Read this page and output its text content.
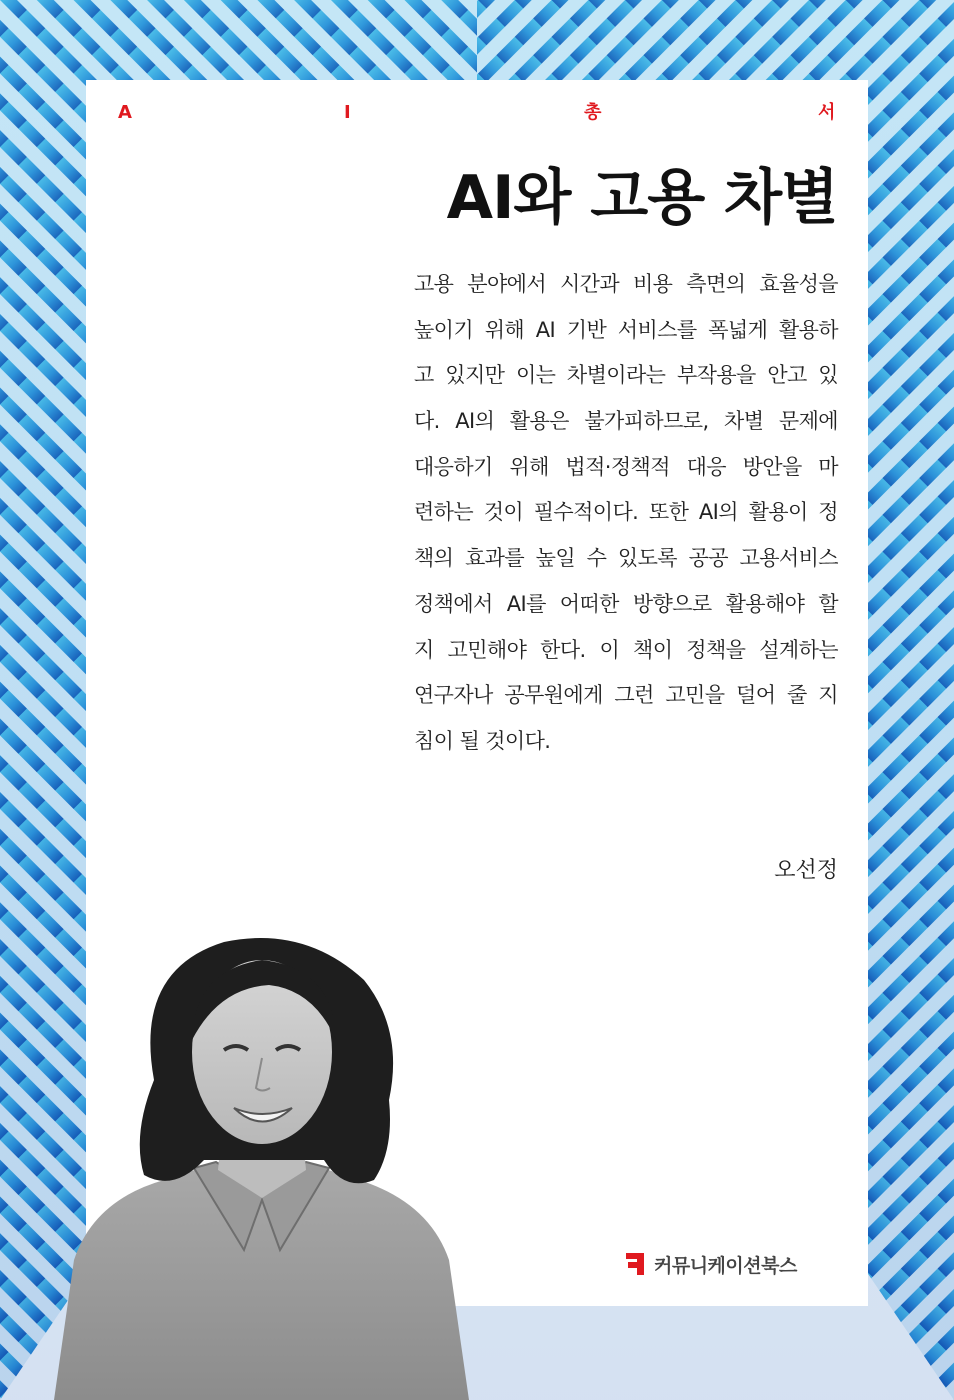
A	I	총	서
AI와 고용 차별
고용 분야에서 시간과 비용 측면의 효율성을
높이기 위해 AI 기반 서비스를 폭넓게 활용하
고 있지만 이는 차별이라는 부작용을 안고 있
다. AI의 활용은 불가피하므로, 차별 문제에
대응하기 위해 법적·정책적 대응 방안을 마
련하는 것이 필수적이다. 또한 AI의 활용이 정
책의 효과를 높일 수 있도록 공공 고용서비스
정책에서 AI를 어떠한 방향으로 활용해야 할
지 고민해야 한다. 이 책이 정책을 설계하는
연구자나 공무원에게 그런 고민을 덜어 줄 지
침이 될 것이다.
오선정
커뮤니케이션북스
